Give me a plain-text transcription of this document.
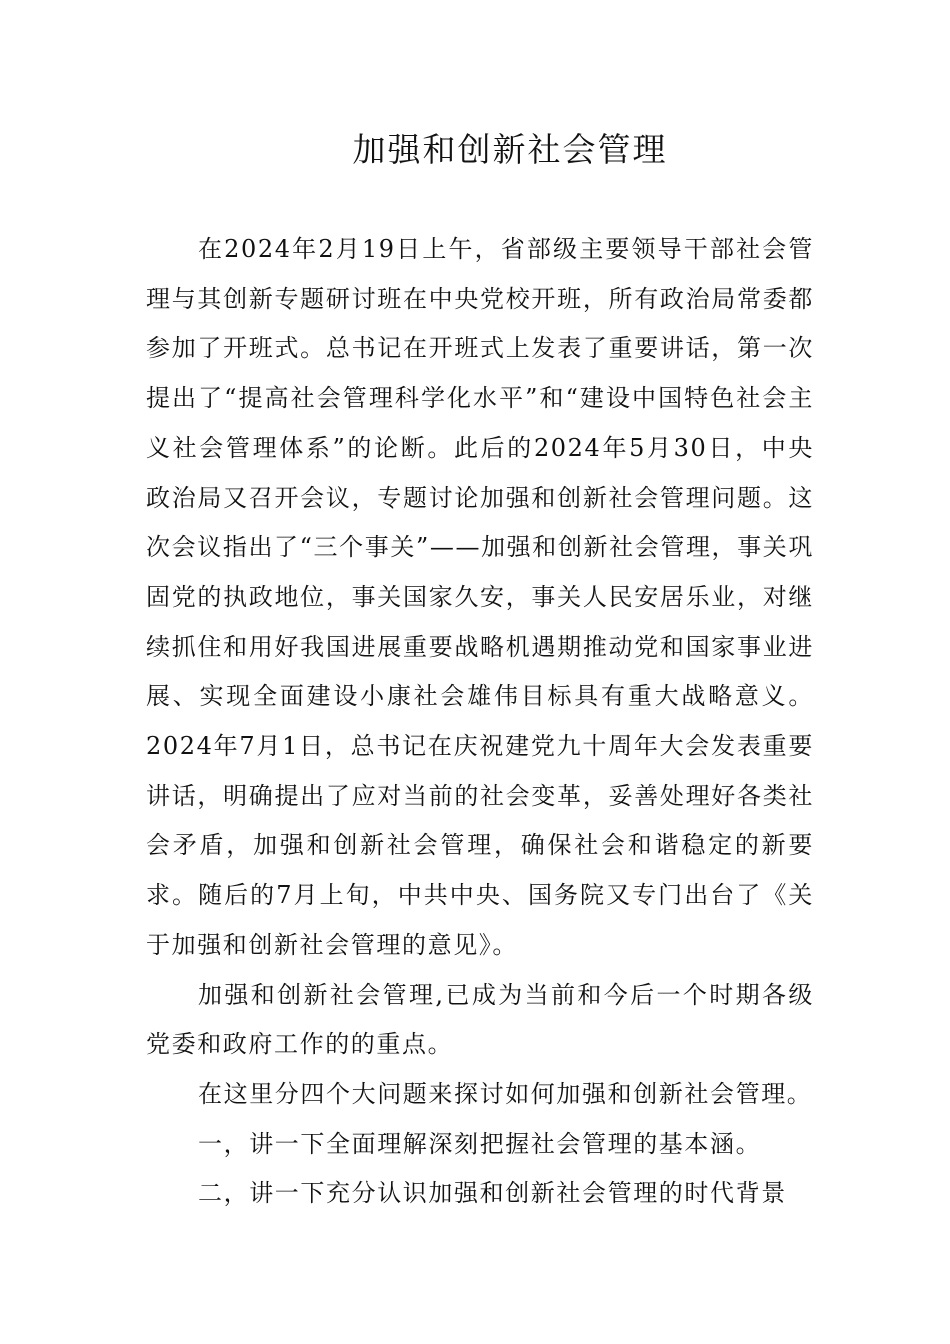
加强和创新社会管理

在2024年2月19日上午，省部级主要领导干部社会管理与其创新专题研讨班在中央党校开班，所有政治局常委都参加了开班式。总书记在开班式上发表了重要讲话，第一次提出了“提高社会管理科学化水平”和“建设中国特色社会主义社会管理体系”的论断。此后的2024年5月30日，中央政治局又召开会议，专题讨论加强和创新社会管理问题。这次会议指出了“三个事关”——加强和创新社会管理，事关巩固党的执政地位，事关国家久安，事关人民安居乐业，对继续抓住和用好我国进展重要战略机遇期推动党和国家事业进展、实现全面建设小康社会雄伟目标具有重大战略意义。2024年7月1日，总书记在庆祝建党九十周年大会发表重要讲话，明确提出了应对当前的社会变革，妥善处理好各类社会矛盾，加强和创新社会管理，确保社会和谐稳定的新要求。随后的7月上旬，中共中央、国务院又专门出台了《关于加强和创新社会管理的意见》。

加强和创新社会管理,已成为当前和今后一个时期各级党委和政府工作的的重点。

在这里分四个大问题来探讨如何加强和创新社会管理。

一，讲一下全面理解深刻把握社会管理的基本涵。

二，讲一下充分认识加强和创新社会管理的时代背景
